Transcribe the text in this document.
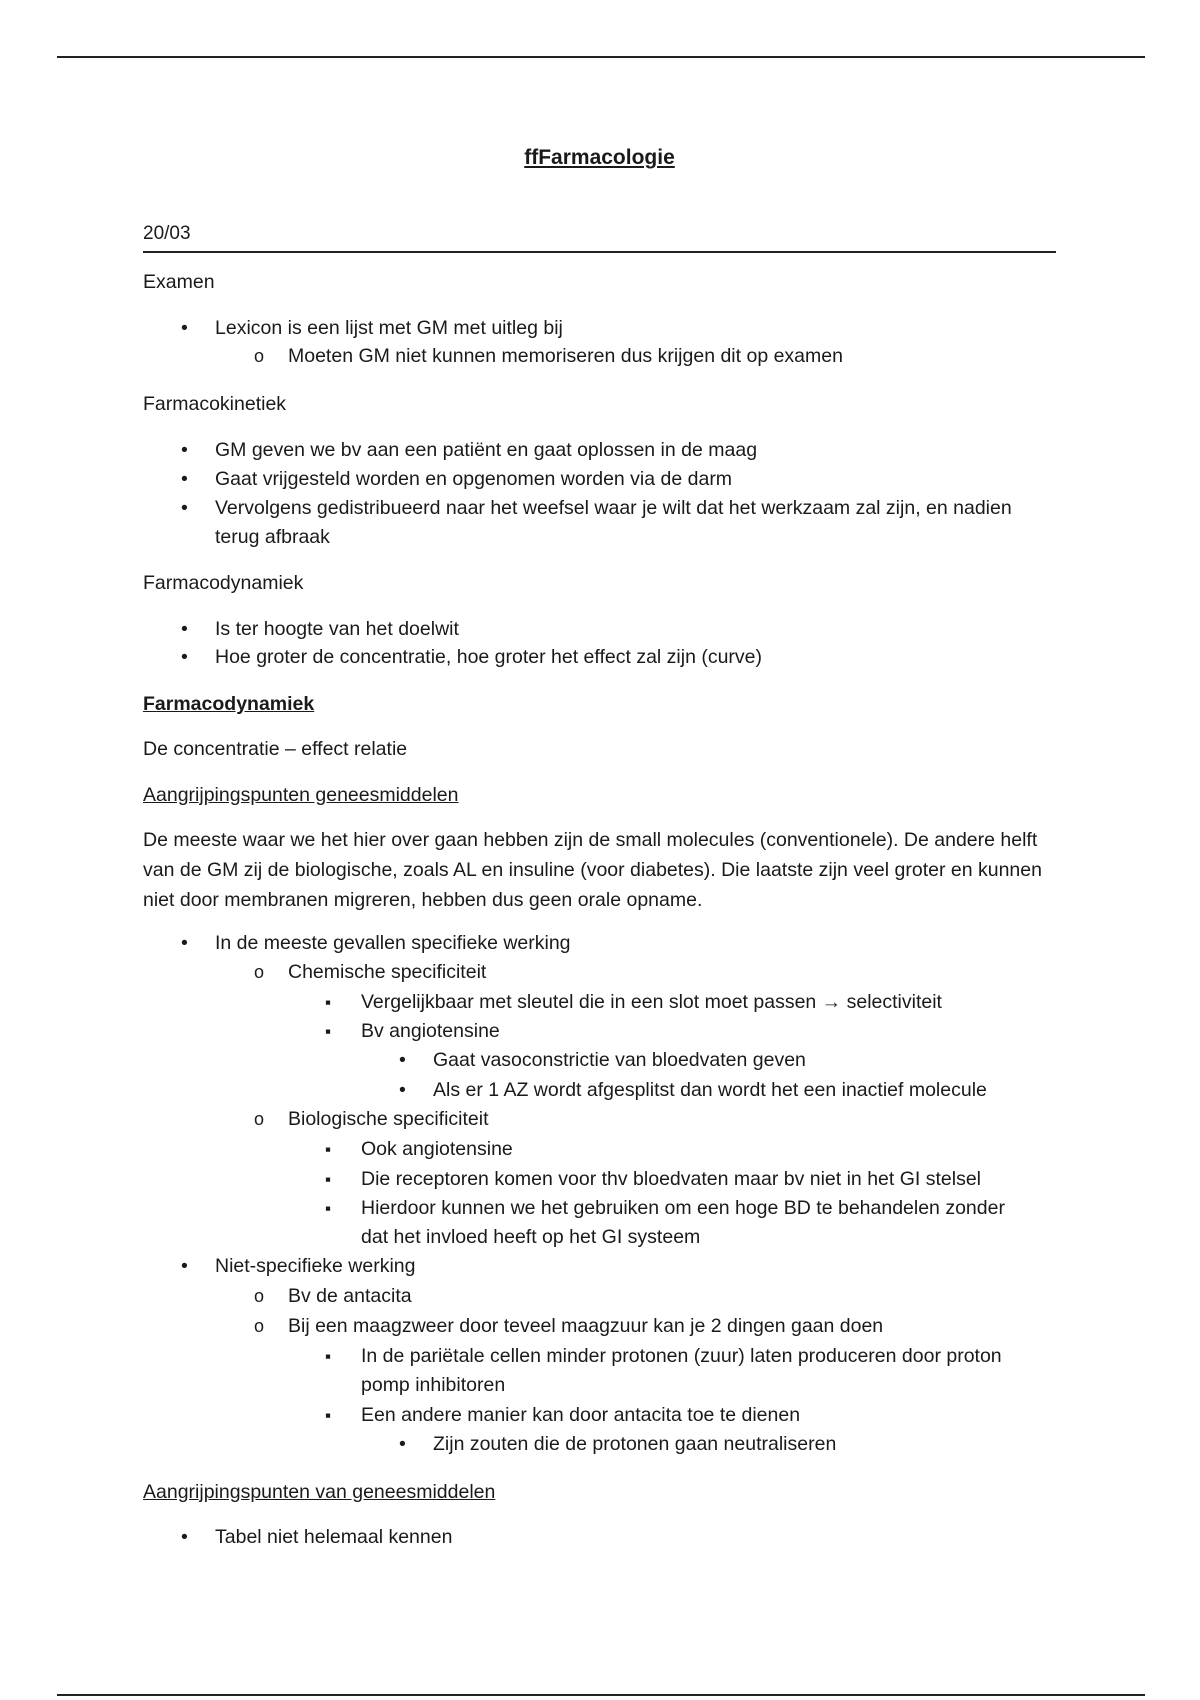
ffFarmacologie
20/03
Examen
•
Lexicon is een lijst met GM met uitleg bij
o
Moeten GM niet kunnen memoriseren dus krijgen dit op examen
Farmacokinetiek
•
GM geven we bv aan een patiënt en gaat oplossen in de maag
•
Gaat vrijgesteld worden en opgenomen worden via de darm
•
Vervolgens gedistribueerd naar het weefsel waar je wilt dat het werkzaam zal zijn, en nadien
terug afbraak
Farmacodynamiek
•
Is ter hoogte van het doelwit
•
Hoe groter de concentratie, hoe groter het effect zal zijn (curve)
Farmacodynamiek
De concentratie – effect relatie
Aangrijpingspunten geneesmiddelen
De meeste waar we het hier over gaan hebben zijn de small molecules (conventionele). De andere helft van de GM zij de biologische, zoals AL en insuline (voor diabetes). Die laatste zijn veel groter en kunnen niet door membranen migreren, hebben dus geen orale opname.
•
In de meeste gevallen specifieke werking
o
Chemische specificiteit
▪
Vergelijkbaar met sleutel die in een slot moet passen → selectiviteit
▪
Bv angiotensine
•
Gaat vasoconstrictie van bloedvaten geven
•
Als er 1 AZ wordt afgesplitst dan wordt het een inactief molecule
o
Biologische specificiteit
▪
Ook angiotensine
▪
Die receptoren komen voor thv bloedvaten maar bv niet in het GI stelsel
▪
Hierdoor kunnen we het gebruiken om een hoge BD te behandelen zonder
dat het invloed heeft op het GI systeem
•
Niet-specifieke werking
o
Bv de antacita
o
Bij een maagzweer door teveel maagzuur kan je 2 dingen gaan doen
▪
In de pariëtale cellen minder protonen (zuur) laten produceren door proton
pomp inhibitoren
▪
Een andere manier kan door antacita toe te dienen
•
Zijn zouten die de protonen gaan neutraliseren
Aangrijpingspunten van geneesmiddelen
•
Tabel niet helemaal kennen
